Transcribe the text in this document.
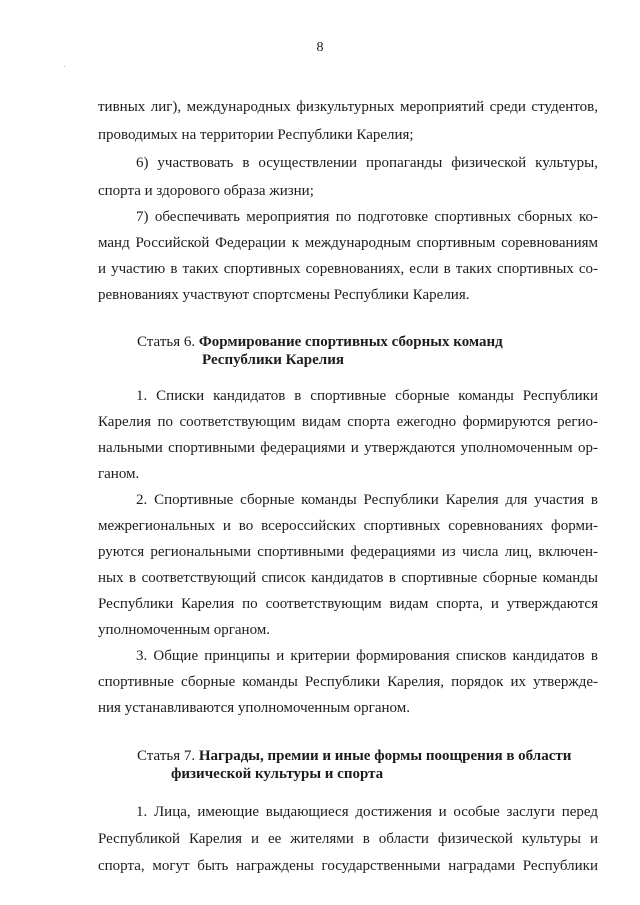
8
тивных лиг), международных физкультурных мероприятий среди студентов,
проводимых на территории Республики Карелия;
6) участвовать в осуществлении пропаганды физической культуры,
спорта и здорового образа жизни;
7) обеспечивать мероприятия по подготовке спортивных сборных ко-
манд Российской Федерации к международным спортивным соревнованиям
и участию в таких спортивных соревнованиях, если в таких спортивных со-
ревнованиях участвуют спортсмены Республики Карелия.
Статья 6. Формирование спортивных сборных команд
Республики Карелия
1. Списки кандидатов в спортивные сборные команды Республики
Карелия по соответствующим видам спорта ежегодно формируются регио-
нальными спортивными федерациями и утверждаются уполномоченным ор-
ганом.
2. Спортивные сборные команды Республики Карелия для участия в
межрегиональных и во всероссийских спортивных соревнованиях форми-
руются региональными спортивными федерациями из числа лиц, включен-
ных в соответствующий список кандидатов в спортивные сборные команды
Республики Карелия по соответствующим видам спорта, и утверждаются
уполномоченным органом.
3. Общие принципы и критерии формирования списков кандидатов в
спортивные сборные команды Республики Карелия, порядок их утвержде-
ния устанавливаются уполномоченным органом.
Статья 7. Награды, премии и иные формы поощрения в области
физической культуры и спорта
1. Лица, имеющие выдающиеся достижения и особые заслуги перед
Республикой Карелия и ее жителями в области физической культуры и
спорта, могут быть награждены государственными наградами Республики
